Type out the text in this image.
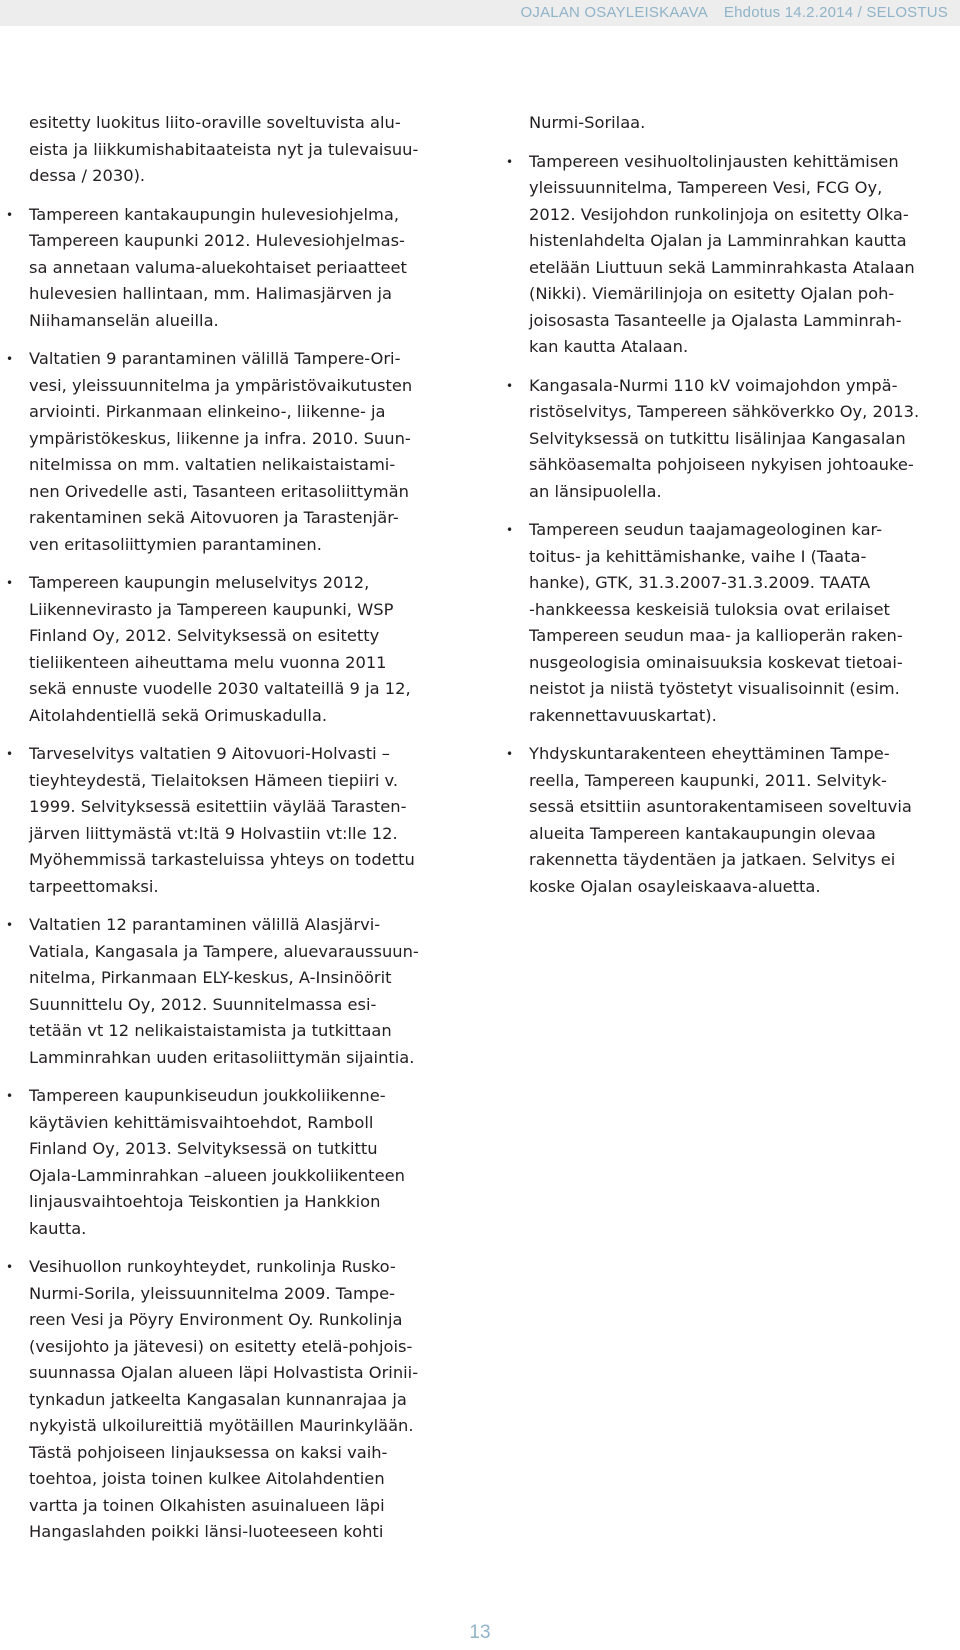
OJALAN OSAYLEISKAAVA Ehdotus 14.2.2014 / SELOSTUS
esitetty luokitus liito-oraville soveltuvista alu-
eista ja liikkumishabitaateista nyt ja tulevaisuu-
dessa / 2030).
• Tampereen kantakaupungin hulevesiohjelma,
Tampereen kaupunki 2012. Hulevesiohjelmas-
sa annetaan valuma-aluekohtaiset periaatteet
hulevesien hallintaan, mm. Halimasjärven ja
Niihamanselän alueilla.
• Valtatien 9 parantaminen välillä Tampere-Ori-
vesi, yleissuunnitelma ja ympäristövaikutusten
arviointi. Pirkanmaan elinkeino-, liikenne- ja
ympäristökeskus, liikenne ja infra. 2010. Suun-
nitelmissa on mm. valtatien nelikaistaistami-
nen Orivedelle asti, Tasanteen eritasoliittymän
rakentaminen sekä Aitovuoren ja Tarastenjär-
ven eritasoliittymien parantaminen.
• Tampereen kaupungin meluselvitys 2012,
Liikennevirasto ja Tampereen kaupunki, WSP
Finland Oy, 2012. Selvityksessä on esitetty
tieliikenteen aiheuttama melu vuonna 2011
sekä ennuste vuodelle 2030 valtateillä 9 ja 12,
Aitolahdentiellä sekä Orimuskadulla.
• Tarveselvitys valtatien 9 Aitovuori-Holvasti –
tieyhteydestä, Tielaitoksen Hämeen tiepiiri v.
1999. Selvityksessä esitettiin väylää Tarasten-
järven liittymästä vt:ltä 9 Holvastiin vt:lle 12.
Myöhemmissä tarkasteluissa yhteys on todettu
tarpeettomaksi.
• Valtatien 12 parantaminen välillä Alasjärvi-
Vatiala, Kangasala ja Tampere, aluevaraussuun-
nitelma, Pirkanmaan ELY-keskus, A-Insinöörit
Suunnittelu Oy, 2012. Suunnitelmassa esi-
tetään vt 12 nelikaistaistamista ja tutkittaan
Lamminrahkan uuden eritasoliittymän sijaintia.
• Tampereen kaupunkiseudun joukkoliikenne-
käytävien kehittämisvaihtoehdot, Ramboll
Finland Oy, 2013. Selvityksessä on tutkittu
Ojala-Lamminrahkan –alueen joukkoliikenteen
linjausvaihtoehtoja Teiskontien ja Hankkion
kautta.
• Vesihuollon runkoyhteydet, runkolinja Rusko-
Nurmi-Sorila, yleissuunnitelma 2009. Tampe-
reen Vesi ja Pöyry Environment Oy. Runkolinja
(vesijohto ja jätevesi) on esitetty etelä-pohjois-
suunnassa Ojalan alueen läpi Holvastista Orinii-
tynkadun jatkeelta Kangasalan kunnanrajaa ja
nykyistä ulkoilureittiä myötäillen Maurinkylään.
Tästä pohjoiseen linjauksessa on kaksi vaih-
toehtoa, joista toinen kulkee Aitolahdentien
vartta ja toinen Olkahisten asuinalueen läpi
Hangaslahden poikki länsi-luoteeseen kohti
Nurmi-Sorilaa.
• Tampereen vesihuoltolinjausten kehittämisen
yleissuunnitelma, Tampereen Vesi, FCG Oy,
2012. Vesijohdon runkolinjoja on esitetty Olka-
histenlahdelta Ojalan ja Lamminrahkan kautta
etelään Liuttuun sekä Lamminrahkasta Atalaan
(Nikki). Viemärilinjoja on esitetty Ojalan poh-
joisosasta Tasanteelle ja Ojalasta Lamminrah-
kan kautta Atalaan.
• Kangasala-Nurmi 110 kV voimajohdon ympä-
ristöselvitys, Tampereen sähköverkko Oy, 2013.
Selvityksessä on tutkittu lisälinjaa Kangasalan
sähköasemalta pohjoiseen nykyisen johtoauke-
an länsipuolella.
• Tampereen seudun taajamageologinen kar-
toitus- ja kehittämishanke, vaihe I (Taata-
hanke), GTK, 31.3.2007-31.3.2009. TAATA
-hankkeessa keskeisiä tuloksia ovat erilaiset
Tampereen seudun maa- ja kallioperän raken-
nusgeologisia ominaisuuksia koskevat tietoai-
neistot ja niistä työstetyt visualisoinnit (esim.
rakennettavuuskartat).
• Yhdyskuntarakenteen eheyttäminen Tampe-
reella, Tampereen kaupunki, 2011. Selvityk-
sessä etsittiin asuntorakentamiseen soveltuvia
alueita Tampereen kantakaupungin olevaa
rakennetta täydentäen ja jatkaen. Selvitys ei
koske Ojalan osayleiskaava-aluetta.
13
